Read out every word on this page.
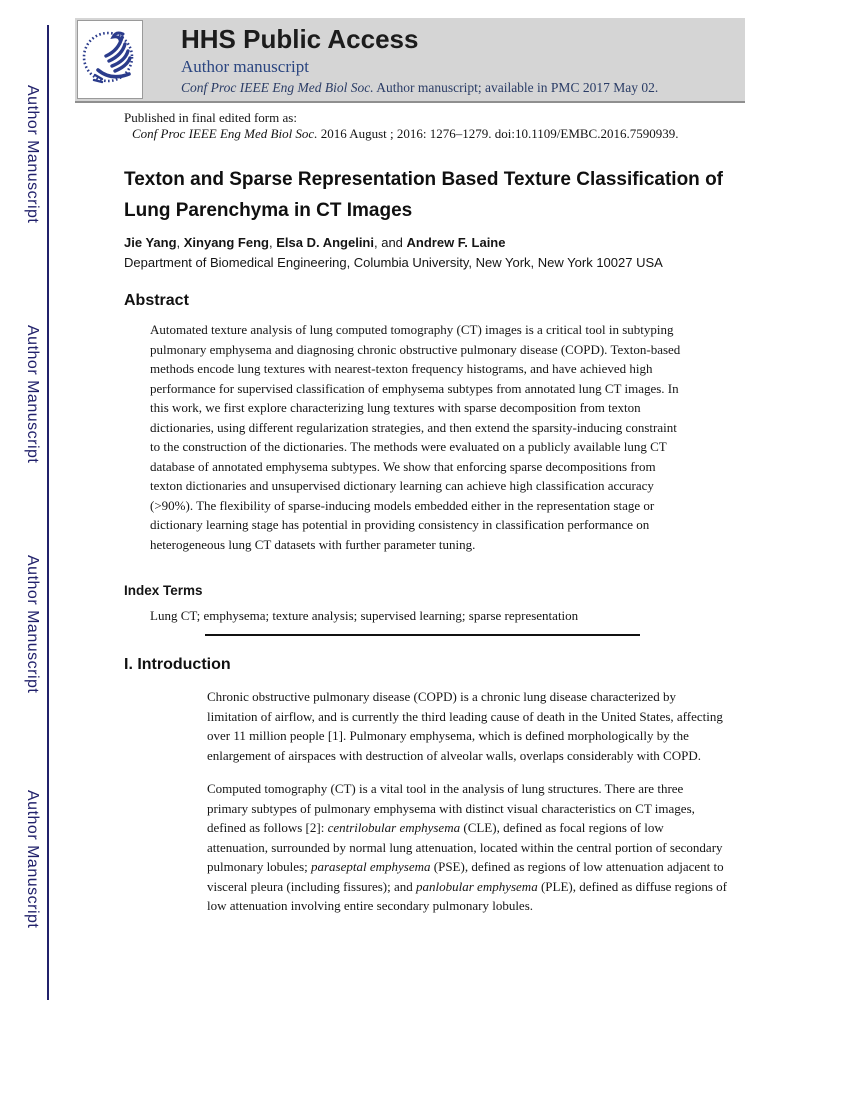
Author Manuscript
Author Manuscript
Author Manuscript
Author Manuscript
HHS Public Access
Author manuscript
Conf Proc IEEE Eng Med Biol Soc. Author manuscript; available in PMC 2017 May 02.
Published in final edited form as:
Conf Proc IEEE Eng Med Biol Soc. 2016 August ; 2016: 1276–1279. doi:10.1109/EMBC.2016.7590939.
Texton and Sparse Representation Based Texture Classification of Lung Parenchyma in CT Images
Jie Yang, Xinyang Feng, Elsa D. Angelini, and Andrew F. Laine
Department of Biomedical Engineering, Columbia University, New York, New York 10027 USA
Abstract
Automated texture analysis of lung computed tomography (CT) images is a critical tool in subtyping pulmonary emphysema and diagnosing chronic obstructive pulmonary disease (COPD). Texton-based methods encode lung textures with nearest-texton frequency histograms, and have achieved high performance for supervised classification of emphysema subtypes from annotated lung CT images. In this work, we first explore characterizing lung textures with sparse decomposition from texton dictionaries, using different regularization strategies, and then extend the sparsity-inducing constraint to the construction of the dictionaries. The methods were evaluated on a publicly available lung CT database of annotated emphysema subtypes. We show that enforcing sparse decompositions from texton dictionaries and unsupervised dictionary learning can achieve high classification accuracy (>90%). The flexibility of sparse-inducing models embedded either in the representation stage or dictionary learning stage has potential in providing consistency in classification performance on heterogeneous lung CT datasets with further parameter tuning.
Index Terms
Lung CT; emphysema; texture analysis; supervised learning; sparse representation
I. Introduction
Chronic obstructive pulmonary disease (COPD) is a chronic lung disease characterized by limitation of airflow, and is currently the third leading cause of death in the United States, affecting over 11 million people [1]. Pulmonary emphysema, which is defined morphologically by the enlargement of airspaces with destruction of alveolar walls, overlaps considerably with COPD.
Computed tomography (CT) is a vital tool in the analysis of lung structures. There are three primary subtypes of pulmonary emphysema with distinct visual characteristics on CT images, defined as follows [2]: centrilobular emphysema (CLE), defined as focal regions of low attenuation, surrounded by normal lung attenuation, located within the central portion of secondary pulmonary lobules; paraseptal emphysema (PSE), defined as regions of low attenuation adjacent to visceral pleura (including fissures); and panlobular emphysema (PLE), defined as diffuse regions of low attenuation involving entire secondary pulmonary lobules.
